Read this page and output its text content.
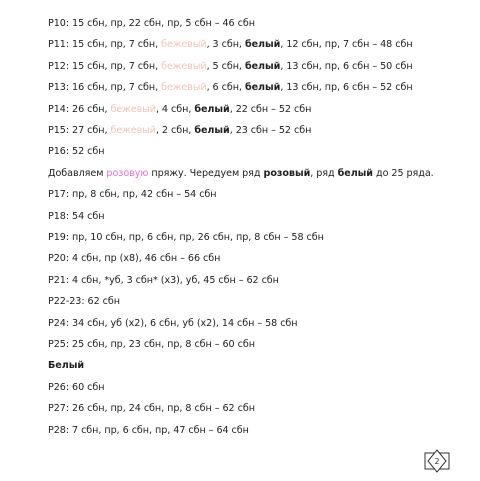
Р10: 15 сбн, пр, 22 сбн, пр, 5 сбн – 46 сбн
Р11: 15 сбн, пр, 7 сбн, бежевый, 3 сбн, белый, 12 сбн, пр, 7 сбн – 48 сбн
Р12: 15 сбн, пр, 7 сбн, бежевый, 5 сбн, белый, 13 сбн, пр, 6 сбн – 50 сбн
Р13: 16 сбн, пр, 7 сбн, бежевый, 6 сбн, белый, 13 сбн, пр, 6 сбн – 52 сбн
Р14: 26 сбн, бежевый, 4 сбн, белый, 22 сбн – 52 сбн
Р15: 27 сбн, бежевый, 2 сбн, белый, 23 сбн – 52 сбн
Р16: 52 сбн
Добавляем розовую пряжу. Чередуем ряд розовый, ряд белый до 25 ряда.
Р17: пр, 8 сбн, пр, 42 сбн – 54 сбн
Р18: 54 сбн
Р19: пр, 10 сбн, пр, 6 сбн, пр, 26 сбн, пр, 8 сбн – 58 сбн
Р20: 4 сбн, пр (х8), 46 сбн – 66 сбн
Р21: 4 сбн, *уб, 3 сбн* (х3), уб, 45 сбн – 62 сбн
Р22-23: 62 сбн
Р24: 34 сбн, уб (х2), 6 сбн, уб (х2), 14 сбн – 58 сбн
Р25: 25 сбн, пр, 23 сбн, пр, 8 сбн – 60 сбн
Белый
Р26: 60 сбн
Р27: 26 сбн, пр, 24 сбн, пр, 8 сбн – 62 сбн
Р28: 7 сбн, пр, 6 сбн, пр, 47 сбн – 64 сбн
2
